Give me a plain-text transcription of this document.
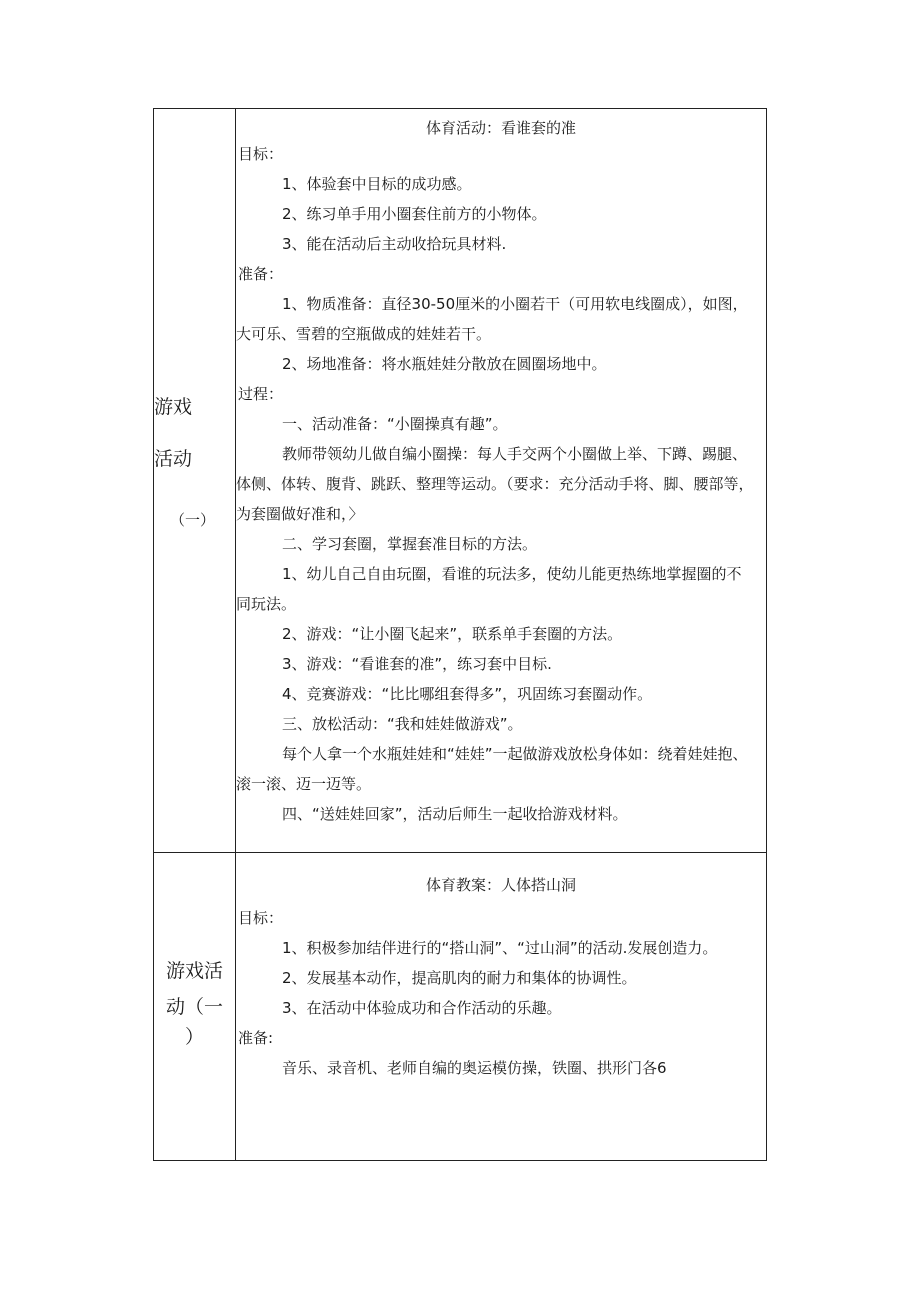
游戏
活动
（一）
体育活动：看谁套的准

目标：

1、体验套中目标的成功感。

2、练习单手用小圈套住前方的小物体。

3、能在活动后主动收拾玩具材料.

准备：

1、物质准备：直径30-50厘米的小圈若干（可用软电线圈成），如图，大可乐、雪碧的空瓶做成的娃娃若干。

2、场地准备：将水瓶娃娃分散放在圆圈场地中。

过程：

一、活动准备：“小圈操真有趣”。

教师带领幼儿做自编小圈操：每人手交两个小圈做上举、下蹲、踢腿、体侧、体转、腹背、跳跃、整理等运动。（要求：充分活动手将、脚、腰部等，为套圈做好准和，〉

二、学习套圈，掌握套准目标的方法。

1、幼儿自己自由玩圈，看谁的玩法多，使幼儿能更热练地掌握圈的不同玩法。

2、游戏：“让小圈飞起来”，联系单手套圈的方法。

3、游戏：“看谁套的准”，练习套中目标.

4、竞赛游戏：“比比哪组套得多”，巩固练习套圈动作。

三、放松活动：“我和娃娃做游戏”。

每个人拿一个水瓶娃娃和“娃娃”一起做游戏放松身体如：绕着娃娃抱、滚一滚、迈一迈等。

四、“送娃娃回家”，活动后师生一起收拾游戏材料。

游戏活
动（一
）
体育教案：人体搭山洞

目标：

1、积极参加结伴进行的“搭山洞”、“过山洞”的活动.发展创造力。

2、发展基本动作，提高肌肉的耐力和集体的协调性。

3、在活动中体验成功和合作活动的乐趣。

准备:

音乐、录音机、老师自编的奥运模仿操，铁圈、拱形门各6
